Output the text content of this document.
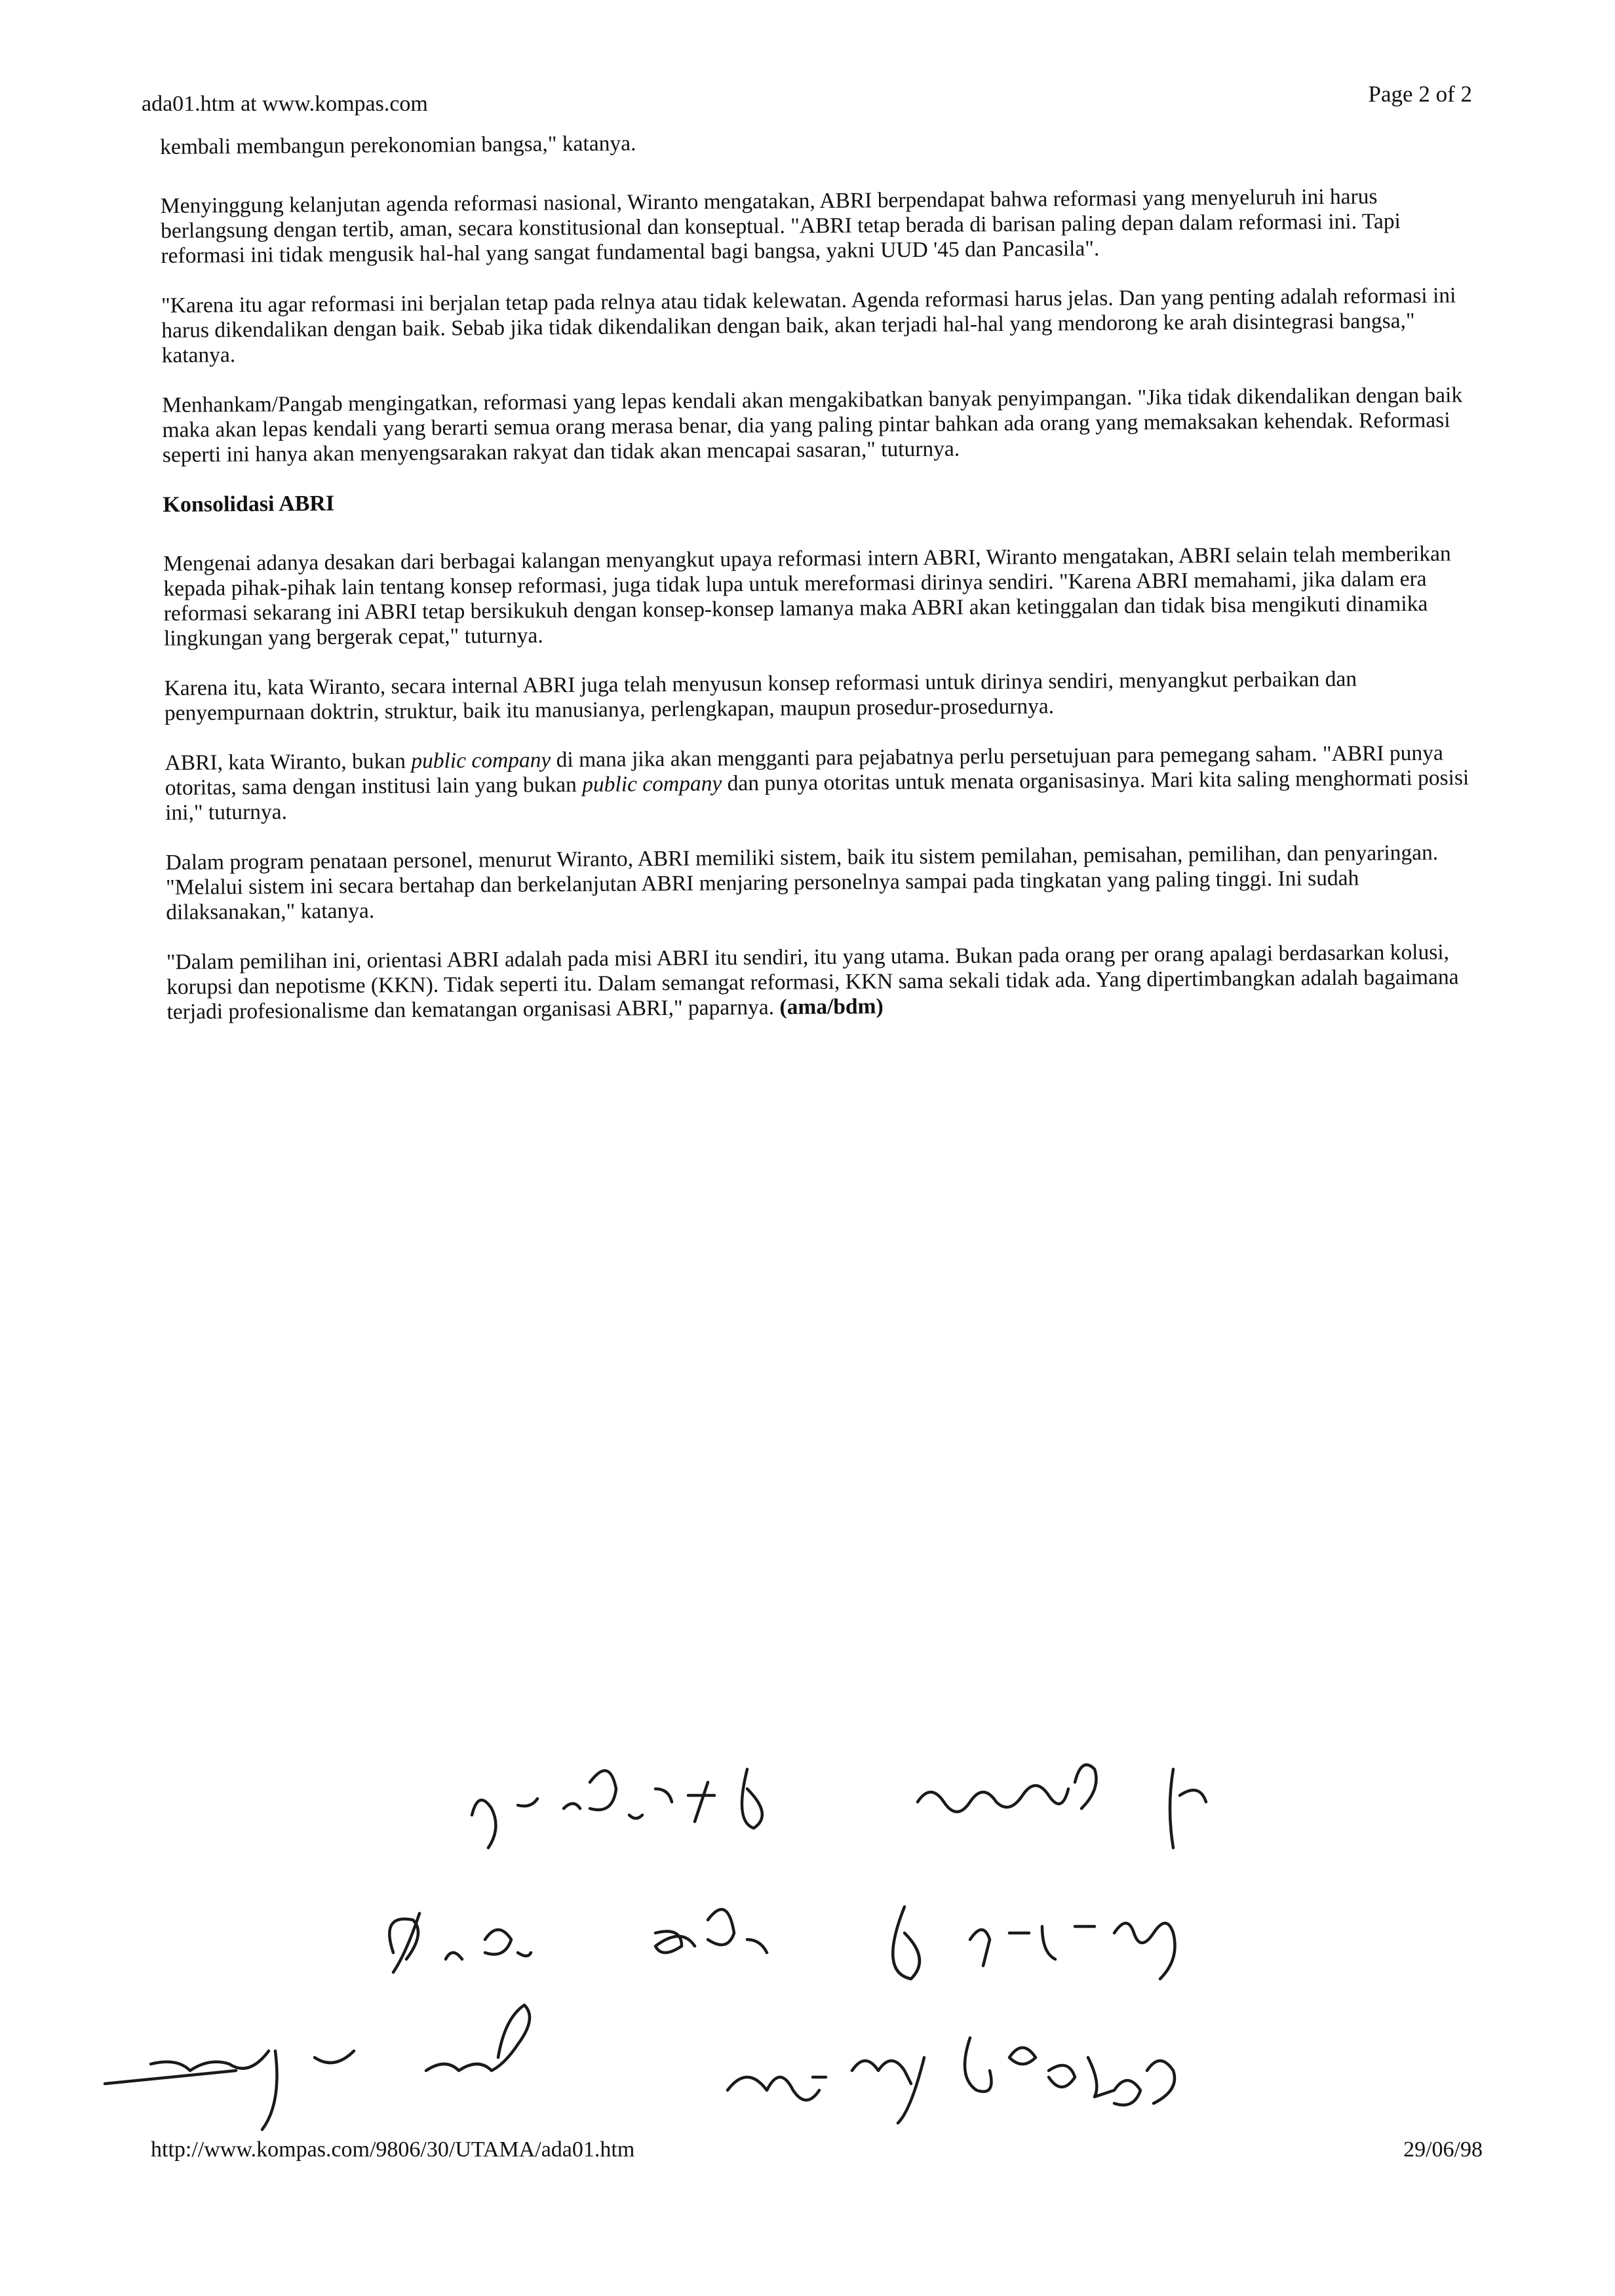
ada01.htm at www.kompas.com	Page 2 of 2

kembali membangun perekonomian bangsa," katanya.

Menyinggung kelanjutan agenda reformasi nasional, Wiranto mengatakan, ABRI berpendapat bahwa reformasi yang menyeluruh ini harus berlangsung dengan tertib, aman, secara konstitusional dan konseptual. "ABRI tetap berada di barisan paling depan dalam reformasi ini. Tapi reformasi ini tidak mengusik hal-hal yang sangat fundamental bagi bangsa, yakni UUD '45 dan Pancasila".

"Karena itu agar reformasi ini berjalan tetap pada relnya atau tidak kelewatan. Agenda reformasi harus jelas. Dan yang penting adalah reformasi ini harus dikendalikan dengan baik. Sebab jika tidak dikendalikan dengan baik, akan terjadi hal-hal yang mendorong ke arah disintegrasi bangsa," katanya.

Menhankam/Pangab mengingatkan, reformasi yang lepas kendali akan mengakibatkan banyak penyimpangan. "Jika tidak dikendalikan dengan baik maka akan lepas kendali yang berarti semua orang merasa benar, dia yang paling pintar bahkan ada orang yang memaksakan kehendak. Reformasi seperti ini hanya akan menyengsarakan rakyat dan tidak akan mencapai sasaran," tuturnya.

Konsolidasi ABRI

Mengenai adanya desakan dari berbagai kalangan menyangkut upaya reformasi intern ABRI, Wiranto mengatakan, ABRI selain telah memberikan kepada pihak-pihak lain tentang konsep reformasi, juga tidak lupa untuk mereformasi dirinya sendiri. "Karena ABRI memahami, jika dalam era reformasi sekarang ini ABRI tetap bersikukuh dengan konsep-konsep lamanya maka ABRI akan ketinggalan dan tidak bisa mengikuti dinamika lingkungan yang bergerak cepat," tuturnya.

Karena itu, kata Wiranto, secara internal ABRI juga telah menyusun konsep reformasi untuk dirinya sendiri, menyangkut perbaikan dan penyempurnaan doktrin, struktur, baik itu manusianya, perlengkapan, maupun prosedur-prosedurnya.

ABRI, kata Wiranto, bukan public company di mana jika akan mengganti para pejabatnya perlu persetujuan para pemegang saham. "ABRI punya otoritas, sama dengan institusi lain yang bukan public company dan punya otoritas untuk menata organisasinya. Mari kita saling menghormati posisi ini," tuturnya.

Dalam program penataan personel, menurut Wiranto, ABRI memiliki sistem, baik itu sistem pemilahan, pemisahan, pemilihan, dan penyaringan. "Melalui sistem ini secara bertahap dan berkelanjutan ABRI menjaring personelnya sampai pada tingkatan yang paling tinggi. Ini sudah dilaksanakan," katanya.

"Dalam pemilihan ini, orientasi ABRI adalah pada misi ABRI itu sendiri, itu yang utama. Bukan pada orang per orang apalagi berdasarkan kolusi, korupsi dan nepotisme (KKN). Tidak seperti itu. Dalam semangat reformasi, KKN sama sekali tidak ada. Yang dipertimbangkan adalah bagaimana terjadi profesionalisme dan kematangan organisasi ABRI," paparnya. (ama/bdm)

http://www.kompas.com/9806/30/UTAMA/ada01.htm	29/06/98
